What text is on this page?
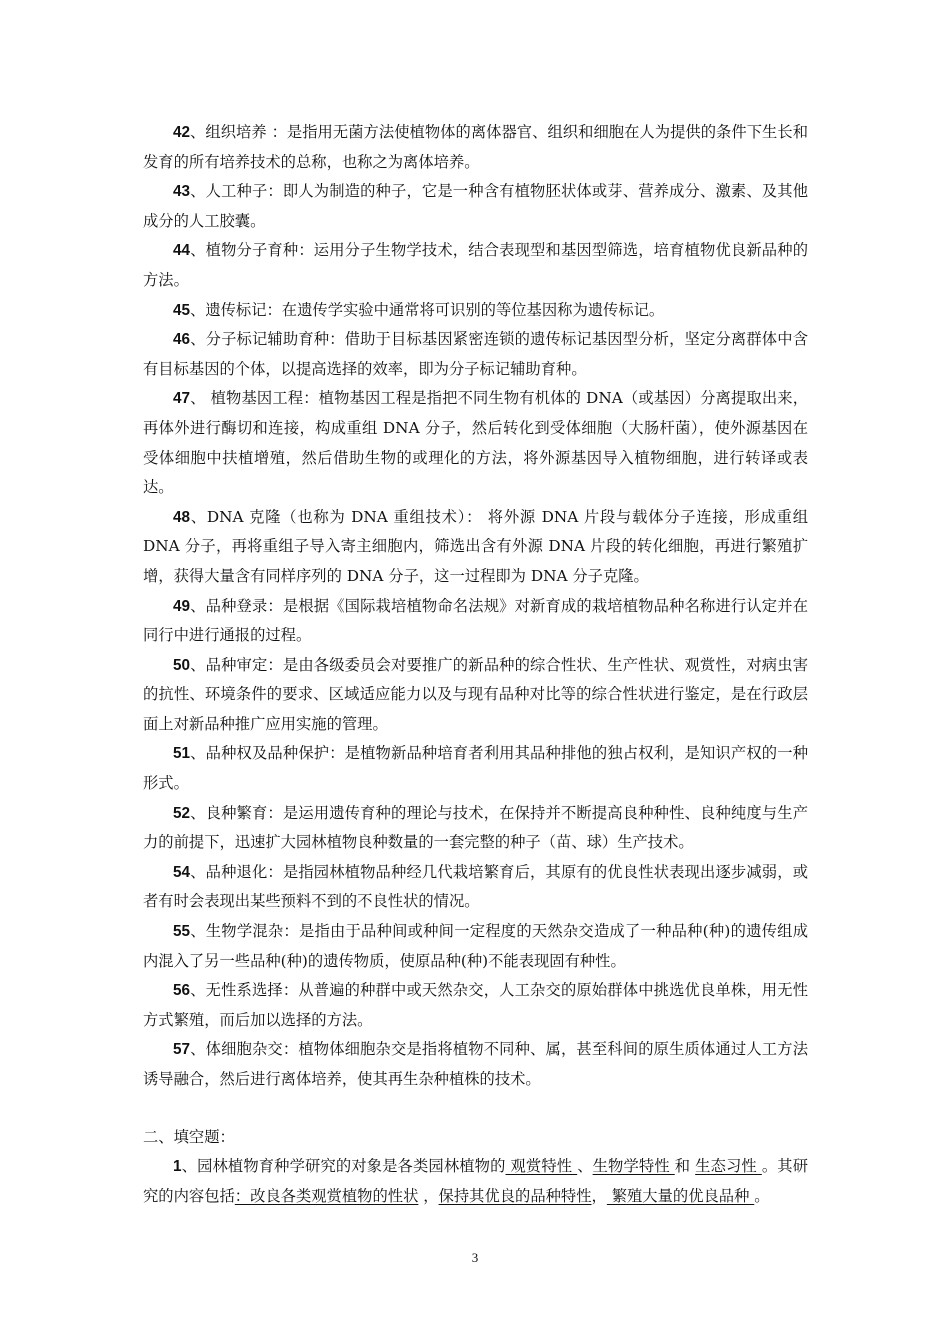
42、组织培养 ：是指用无菌方法使植物体的离体器官、组织和细胞在人为提供的条件下生长和发育的所有培养技术的总称，也称之为离体培养。

43、人工种子：即人为制造的种子，它是一种含有植物胚状体或芽、营养成分、激素、及其他成分的人工胶囊。

44、植物分子育种：运用分子生物学技术，结合表现型和基因型筛选，培育植物优良新品种的方法。

45、遗传标记：在遗传学实验中通常将可识别的等位基因称为遗传标记。

46、分子标记辅助育种：借助于目标基因紧密连锁的遗传标记基因型分析，坚定分离群体中含有目标基因的个体，以提高选择的效率，即为分子标记辅助育种。

47、 植物基因工程：植物基因工程是指把不同生物有机体的 DNA（或基因）分离提取出来，再体外进行酶切和连接，构成重组 DNA 分子，然后转化到受体细胞（大肠杆菌），使外源基因在受体细胞中扶植增殖，然后借助生物的或理化的方法，将外源基因导入植物细胞，进行转译或表达。

48、DNA 克隆（也称为 DNA 重组技术）： 将外源 DNA 片段与载体分子连接，形成重组 DNA 分子，再将重组子导入寄主细胞内，筛选出含有外源 DNA 片段的转化细胞，再进行繁殖扩增，获得大量含有同样序列的 DNA 分子，这一过程即为 DNA 分子克隆。

49、品种登录：是根据《国际栽培植物命名法规》对新育成的栽培植物品种名称进行认定并在同行中进行通报的过程。

50、品种审定：是由各级委员会对要推广的新品种的综合性状、生产性状、观赏性，对病虫害的抗性、环境条件的要求、区域适应能力以及与现有品种对比等的综合性状进行鉴定，是在行政层面上对新品种推广应用实施的管理。

51、品种权及品种保护：是植物新品种培育者利用其品种排他的独占权利，是知识产权的一种形式。

52、良种繁育：是运用遗传育种的理论与技术，在保持并不断提高良种种性、良种纯度与生产力的前提下，迅速扩大园林植物良种数量的一套完整的种子（苗、球）生产技术。

54、品种退化：是指园林植物品种经几代栽培繁育后，其原有的优良性状表现出逐步减弱，或者有时会表现出某些预料不到的不良性状的情况。

55、生物学混杂：是指由于品种间或种间一定程度的天然杂交造成了一种品种(种)的遗传组成内混入了另一些品种(种)的遗传物质，使原品种(种)不能表现固有种性。

56、无性系选择：从普遍的种群中或天然杂交，人工杂交的原始群体中挑选优良单株，用无性方式繁殖，而后加以选择的方法。

57、体细胞杂交：植物体细胞杂交是指将植物不同种、属，甚至科间的原生质体通过人工方法诱导融合，然后进行离体培养，使其再生杂种植株的技术。

二、填空题：

1、园林植物育种学研究的对象是各类园林植物的 观赏特性 、生物学特性 和 生态习性 。其研究的内容包括：改良各类观赏植物的性状 ，保持其优良的品种特性， 繁殖大量的优良品种 。

3
